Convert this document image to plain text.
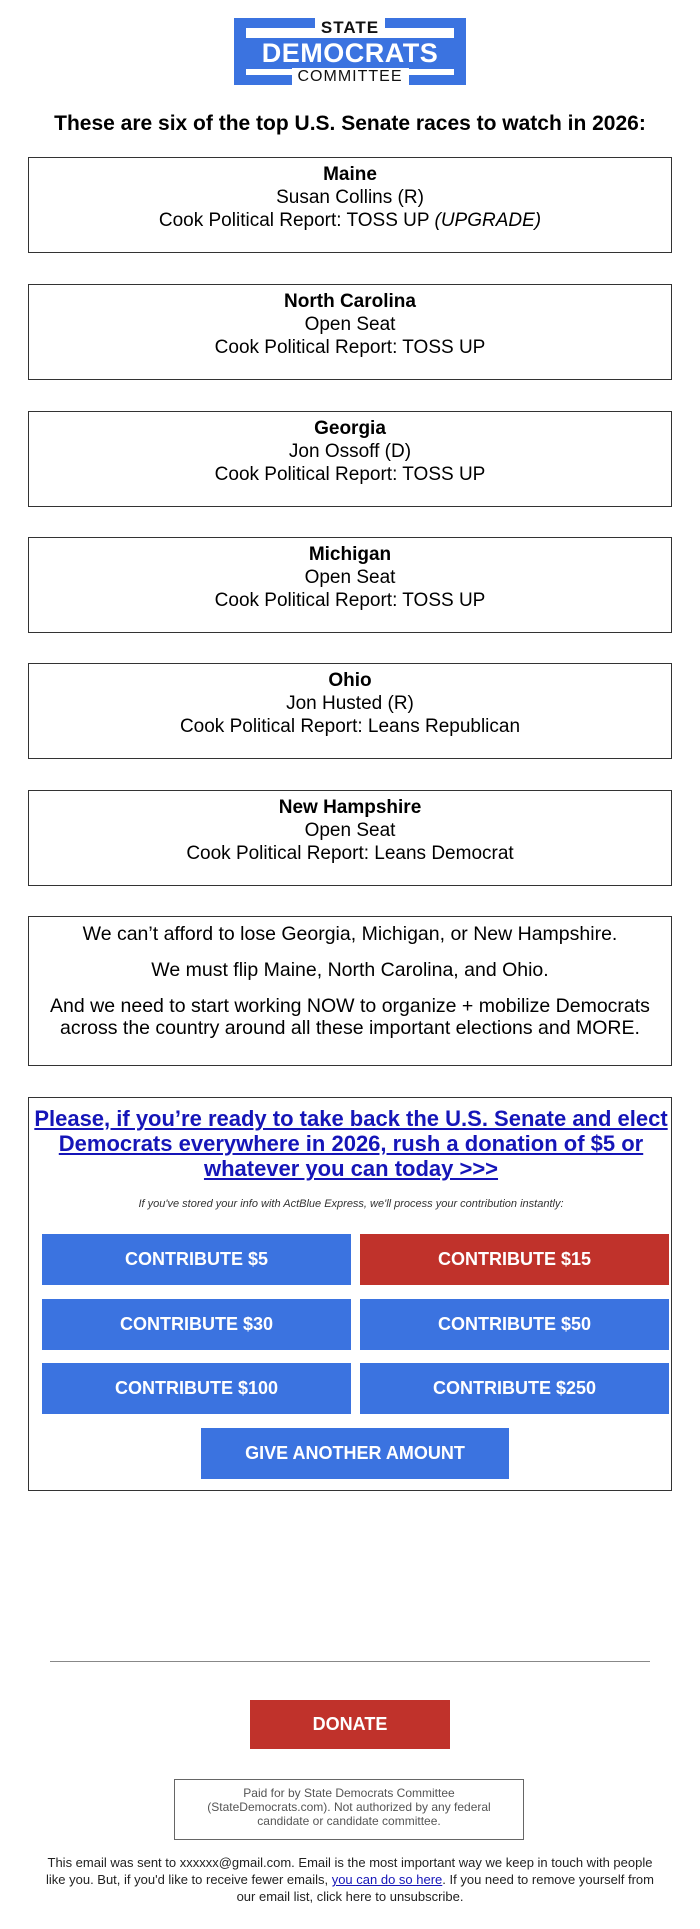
STATE
DEMOCRATS
COMMITTEE
These are six of the top U.S. Senate races to watch in 2026:
Maine
Susan Collins (R)
Cook Political Report: TOSS UP (UPGRADE)
North Carolina
Open Seat
Cook Political Report: TOSS UP
Georgia
Jon Ossoff (D)
Cook Political Report: TOSS UP
Michigan
Open Seat
Cook Political Report: TOSS UP
Ohio
Jon Husted (R)
Cook Political Report: Leans Republican
New Hampshire
Open Seat
Cook Political Report: Leans Democrat

We can’t afford to lose Georgia, Michigan, or New Hampshire.

We must flip Maine, North Carolina, and Ohio.

And we need to start working NOW to organize + mobilize Democrats across the country around all these important elections and MORE.

Please, if you’re ready to take back the U.S. Senate and elect Democrats everywhere in 2026, rush a donation of $5 or whatever you can today >>>
If you've stored your info with ActBlue Express, we'll process your contribution instantly:
CONTRIBUTE $5	CONTRIBUTE $15
CONTRIBUTE $30	CONTRIBUTE $50
CONTRIBUTE $100	CONTRIBUTE $250
GIVE ANOTHER AMOUNT
DONATE
Paid for by State Democrats Committee (StateDemocrats.com). Not authorized by any federal candidate or candidate committee.
This email was sent to xxxxxx@gmail.com. Email is the most important way we keep in touch with people like you. But, if you'd like to receive fewer emails, you can do so here. If you need to remove yourself from our email list, click here to unsubscribe.
